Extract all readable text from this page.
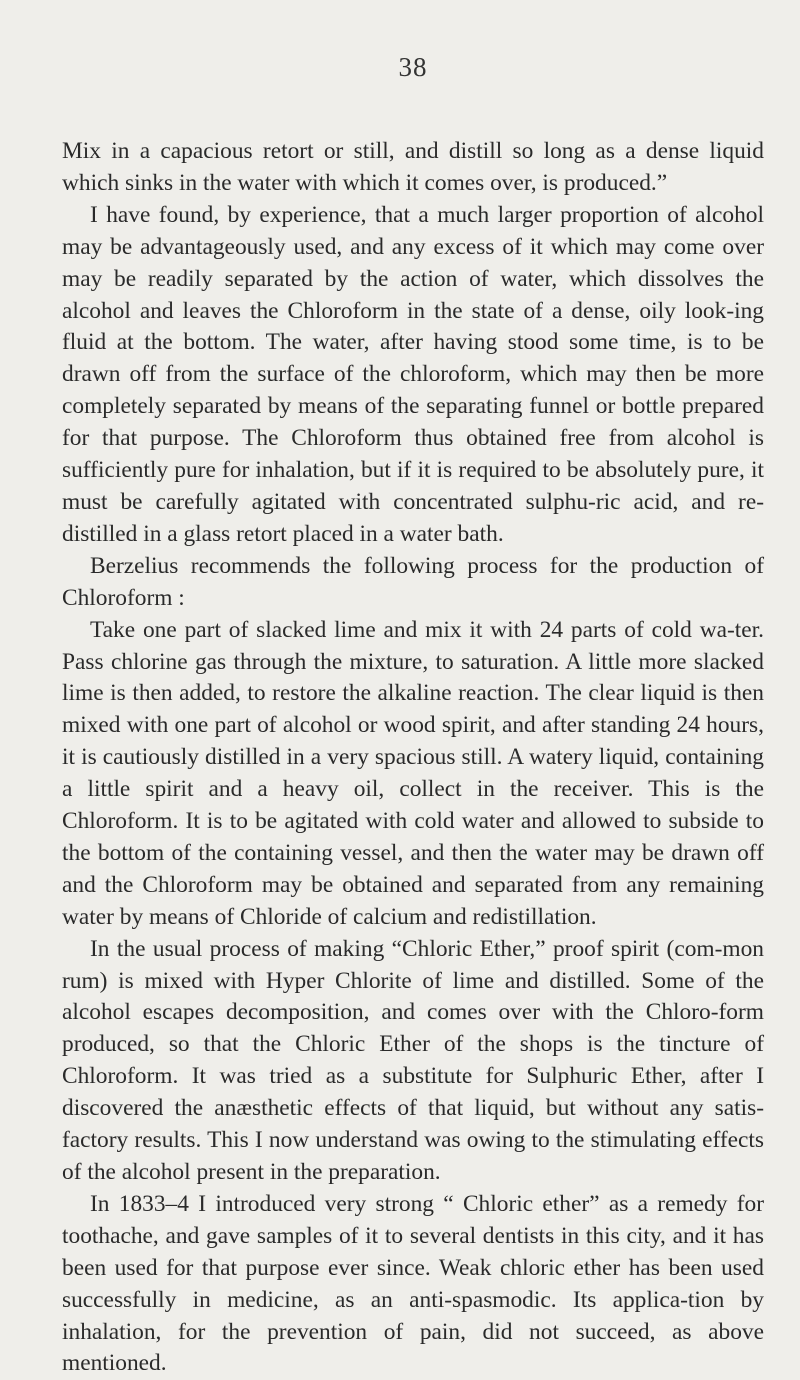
38

Mix in a capacious retort or still, and distill so long as a dense liquid which sinks in the water with which it comes over, is produced.”

I have found, by experience, that a much larger proportion of alcohol may be advantageously used, and any excess of it which may come over may be readily separated by the action of water, which dissolves the alcohol and leaves the Chloroform in the state of a dense, oily look-ing fluid at the bottom. The water, after having stood some time, is to be drawn off from the surface of the chloroform, which may then be more completely separated by means of the separating funnel or bottle prepared for that purpose. The Chloroform thus obtained free from alcohol is sufficiently pure for inhalation, but if it is required to be absolutely pure, it must be carefully agitated with concentrated sulphu-ric acid, and re-distilled in a glass retort placed in a water bath.

Berzelius recommends the following process for the production of Chloroform :

Take one part of slacked lime and mix it with 24 parts of cold wa-ter. Pass chlorine gas through the mixture, to saturation. A little more slacked lime is then added, to restore the alkaline reaction. The clear liquid is then mixed with one part of alcohol or wood spirit, and after standing 24 hours, it is cautiously distilled in a very spacious still. A watery liquid, containing a little spirit and a heavy oil, collect in the receiver. This is the Chloroform. It is to be agitated with cold water and allowed to subside to the bottom of the containing vessel, and then the water may be drawn off and the Chloroform may be obtained and separated from any remaining water by means of Chloride of calcium and redistillation.

In the usual process of making “Chloric Ether,” proof spirit (com-mon rum) is mixed with Hyper Chlorite of lime and distilled. Some of the alcohol escapes decomposition, and comes over with the Chloro-form produced, so that the Chloric Ether of the shops is the tincture of Chloroform. It was tried as a substitute for Sulphuric Ether, after I discovered the anæsthetic effects of that liquid, but without any satis-factory results. This I now understand was owing to the stimulating effects of the alcohol present in the preparation.

In 1833–4 I introduced very strong “ Chloric ether” as a remedy for toothache, and gave samples of it to several dentists in this city, and it has been used for that purpose ever since. Weak chloric ether has been used successfully in medicine, as an anti-spasmodic. Its applica-tion by inhalation, for the prevention of pain, did not succeed, as above mentioned.
